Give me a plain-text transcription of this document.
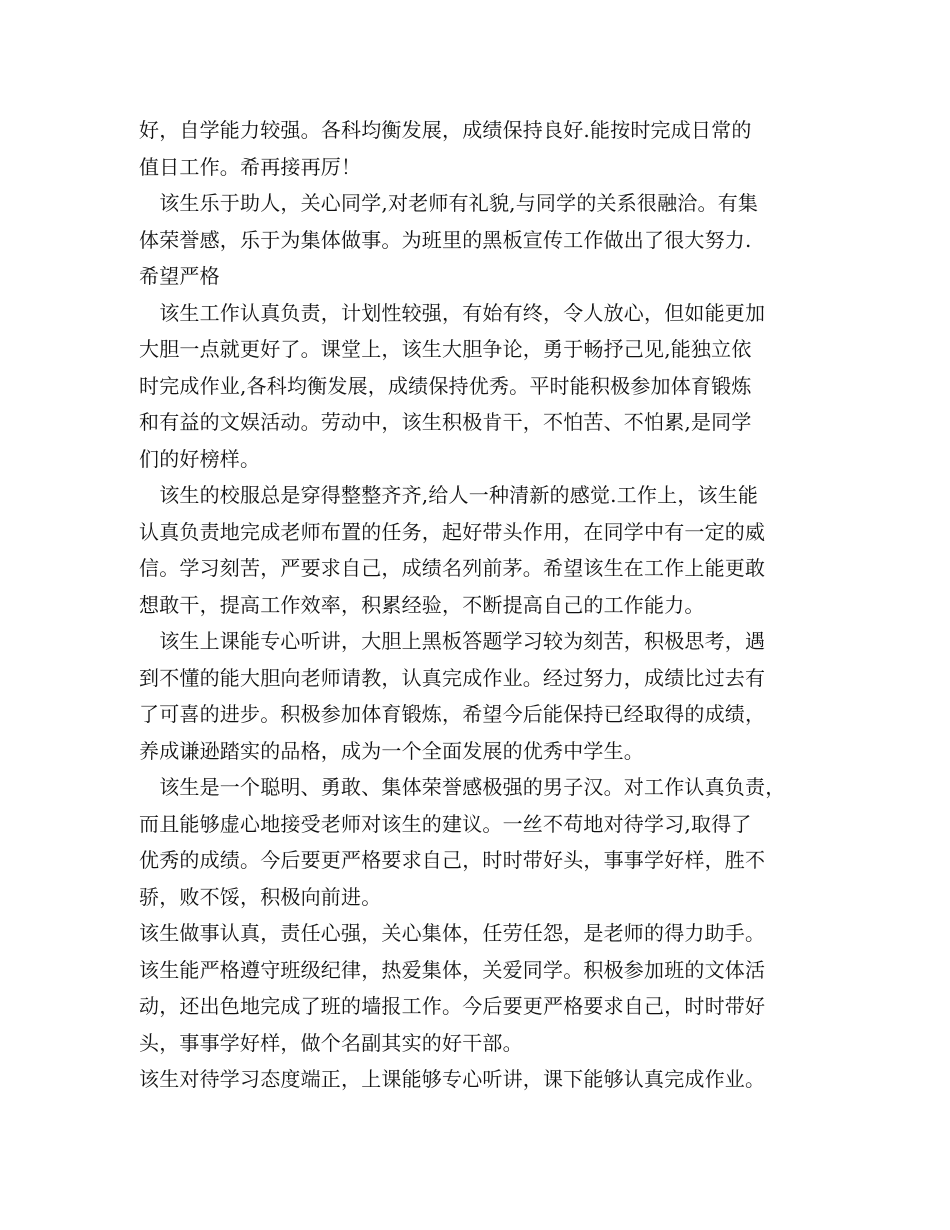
好，自学能力较强。各科均衡发展，成绩保持良好.能按时完成日常的
值日工作。希再接再厉！
　该生乐于助人，关心同学,对老师有礼貌,与同学的关系很融洽。有集
体荣誉感，乐于为集体做事。为班里的黑板宣传工作做出了很大努力.
希望严格
　该生工作认真负责，计划性较强，有始有终，令人放心，但如能更加
大胆一点就更好了。课堂上，该生大胆争论，勇于畅抒己见,能独立依
时完成作业,各科均衡发展，成绩保持优秀。平时能积极参加体育锻炼
和有益的文娱活动。劳动中，该生积极肯干，不怕苦、不怕累,是同学
们的好榜样。
　该生的校服总是穿得整整齐齐,给人一种清新的感觉.工作上，该生能
认真负责地完成老师布置的任务，起好带头作用，在同学中有一定的威
信。学习刻苦，严要求自己，成绩名列前茅。希望该生在工作上能更敢
想敢干，提高工作效率，积累经验，不断提高自己的工作能力。
　该生上课能专心听讲，大胆上黑板答题学习较为刻苦，积极思考，遇
到不懂的能大胆向老师请教，认真完成作业。经过努力，成绩比过去有
了可喜的进步。积极参加体育锻炼，希望今后能保持已经取得的成绩，
养成谦逊踏实的品格，成为一个全面发展的优秀中学生。
　该生是一个聪明、勇敢、集体荣誉感极强的男子汉。对工作认真负责，
而且能够虚心地接受老师对该生的建议。一丝不苟地对待学习,取得了
优秀的成绩。今后要更严格要求自己，时时带好头，事事学好样，胜不
骄，败不馁，积极向前进。
该生做事认真，责任心强，关心集体，任劳任怨，是老师的得力助手。
该生能严格遵守班级纪律，热爱集体，关爱同学。积极参加班的文体活
动，还出色地完成了班的墙报工作。今后要更严格要求自己，时时带好
头，事事学好样，做个名副其实的好干部。
该生对待学习态度端正，上课能够专心听讲，课下能够认真完成作业。
